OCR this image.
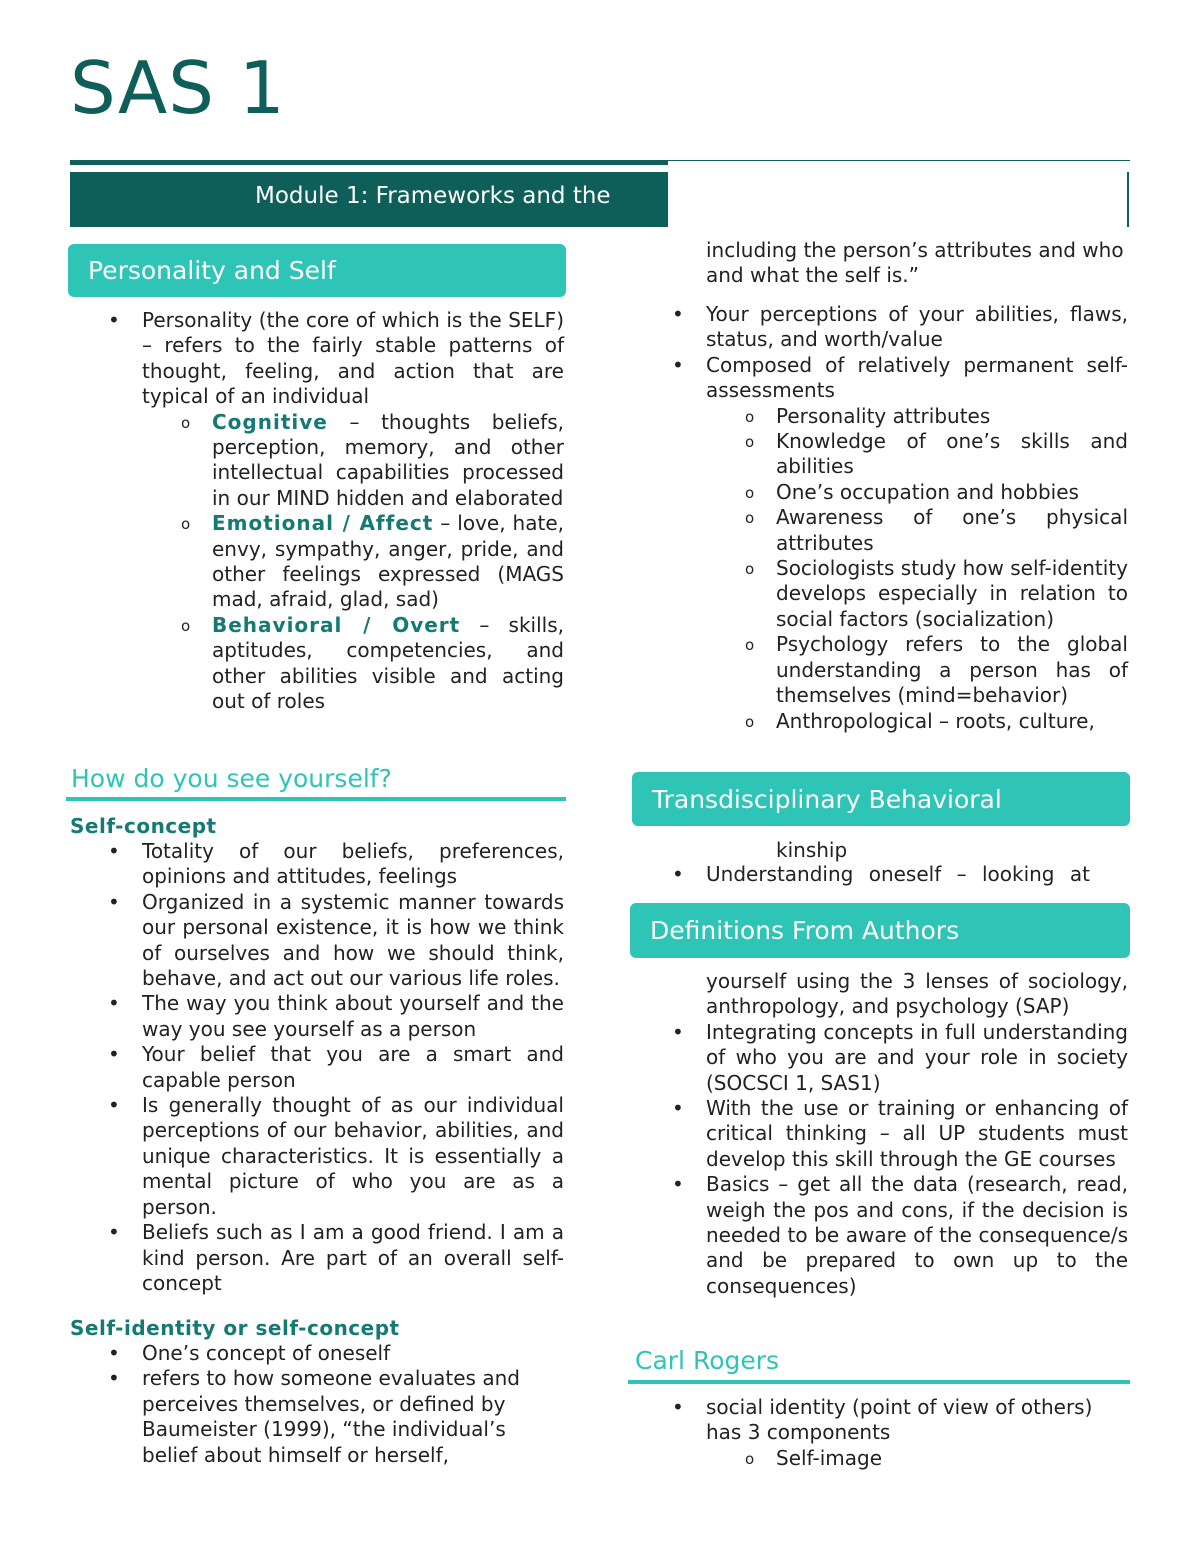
SAS 1
Module 1: Frameworks and the
Personality and Self

• Personality (the core of which is the SELF) – refers to the fairly stable patterns of thought, feeling, and action that are typical of an individual

o Cognitive – thoughts beliefs, perception, memory, and other intellectual capabilities processed in our MIND hidden and elaborated

o Emotional / Affect – love, hate, envy, sympathy, anger, pride, and other feelings expressed (MAGS mad, afraid, glad, sad)

o Behavioral / Overt – skills, aptitudes, competencies, and other abilities visible and acting out of roles

How do you see yourself?
Self-concept

• Totality of our beliefs, preferences, opinions and attitudes, feelings

• Organized in a systemic manner towards our personal existence, it is how we think of ourselves and how we should think, behave, and act out our various life roles.

• The way you think about yourself and the way you see yourself as a person

• Your belief that you are a smart and capable person

• Is generally thought of as our individual perceptions of our behavior, abilities, and unique characteristics. It is essentially a mental picture of who you are as a person.

• Beliefs such as I am a good friend. I am a kind person. Are part of an overall self-concept

Self-identity or self-concept

• One’s concept of oneself

• refers to how someone evaluates and perceives themselves, or defined by Baumeister (1999), “the individual’s belief about himself or herself,

including the person’s attributes and who and what the self is.”

• Your perceptions of your abilities, flaws, status, and worth/value

• Composed of relatively permanent self-assessments

o Personality attributes

o Knowledge of one’s skills and abilities

o One’s occupation and hobbies

o Awareness of one’s physical attributes

o Sociologists study how self-identity develops especially in relation to social factors (socialization)

o Psychology refers to the global understanding a person has of themselves (mind=behavior)

o Anthropological – roots, culture,

Transdisciplinary Behavioral

kinship

• Understanding oneself – looking at

Definitions From Authors

yourself using the 3 lenses of sociology, anthropology, and psychology (SAP)

• Integrating concepts in full understanding of who you are and your role in society (SOCSCI 1, SAS1)

• With the use or training or enhancing of critical thinking – all UP students must develop this skill through the GE courses

• Basics – get all the data (research, read, weigh the pos and cons, if the decision is needed to be aware of the consequence/s and be prepared to own up to the consequences)

Carl Rogers

• social identity (point of view of others) has 3 components

o Self-image
